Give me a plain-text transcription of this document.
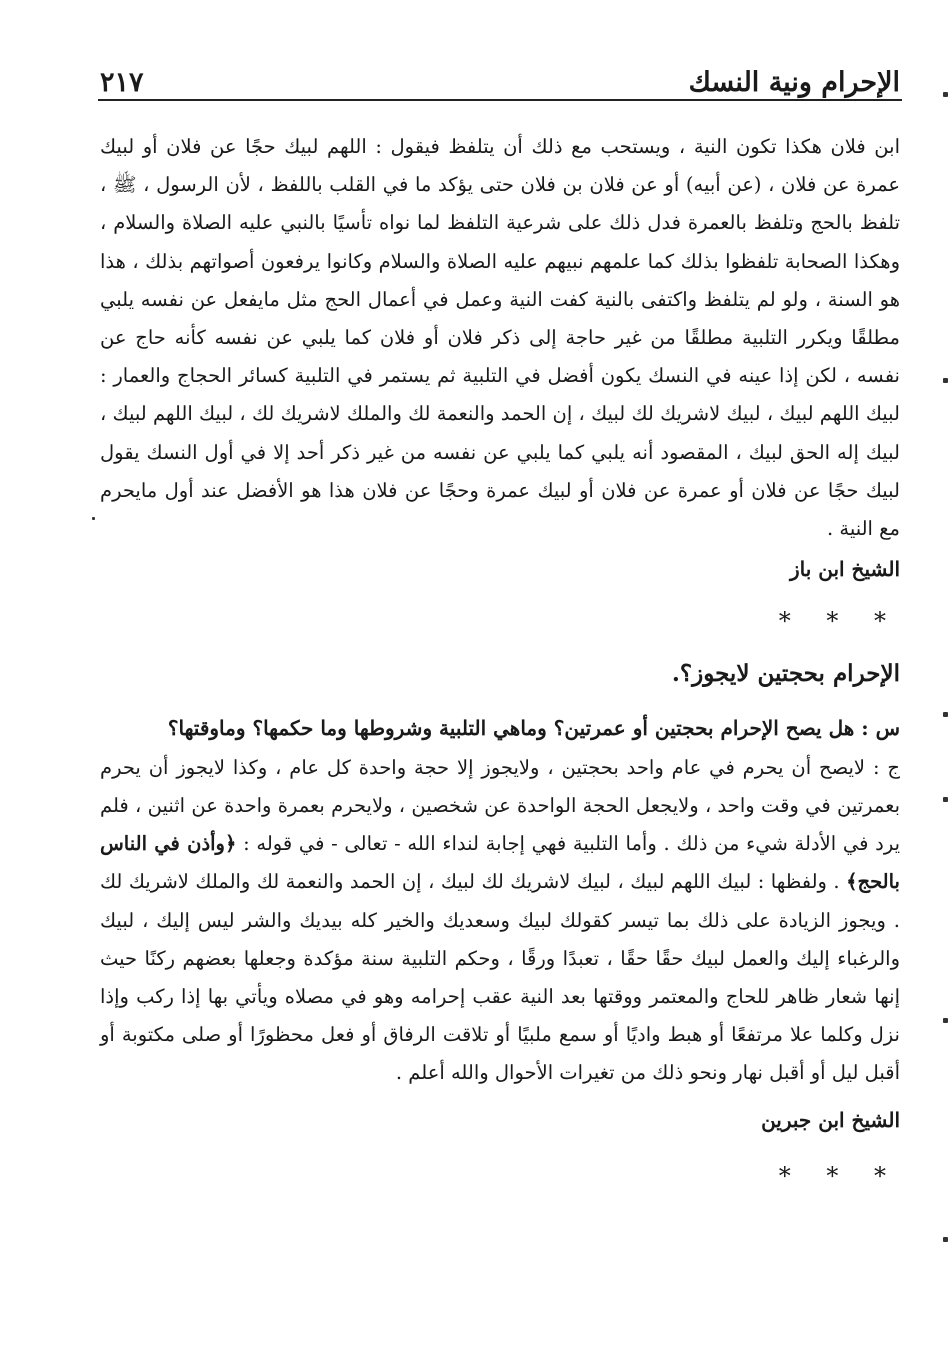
الإحرام ونية النسك
٢١٧

ابن فلان هكذا تكون النية ، ويستحب مع ذلك أن يتلفظ فيقول : اللهم لبيك حجًا عن فلان أو لبيك عمرة عن فلان ، (عن أبيه) أو عن فلان بن فلان حتى يؤكد ما في القلب باللفظ ، لأن الرسول ، ﷺ ، تلفظ بالحج وتلفظ بالعمرة فدل ذلك على شرعية التلفظ لما نواه تأسيًا بالنبي عليه الصلاة والسلام ، وهكذا الصحابة تلفظوا بذلك كما علمهم نبيهم عليه الصلاة والسلام وكانوا يرفعون أصواتهم بذلك ، هذا هو السنة ، ولو لم يتلفظ واكتفى بالنية كفت النية وعمل في أعمال الحج مثل مايفعل عن نفسه يلبي مطلقًا ويكرر التلبية مطلقًا من غير حاجة إلى ذكر فلان أو فلان كما يلبي عن نفسه كأنه حاج عن نفسه ، لكن إذا عينه في النسك يكون أفضل في التلبية ثم يستمر في التلبية كسائر الحجاج والعمار : لبيك اللهم لبيك ، لبيك لاشريك لك لبيك ، إن الحمد والنعمة لك والملك لاشريك لك ، لبيك اللهم لبيك ، لبيك إله الحق لبيك ، المقصود أنه يلبي كما يلبي عن نفسه من غير ذكر أحد إلا في أول النسك يقول لبيك حجًا عن فلان أو عمرة عن فلان أو لبيك عمرة وحجًا عن فلان هذا هو الأفضل عند أول مايحرم مع النية .

الشيخ ابن باز
* * *
الإحرام بحجتين لايجوز؟.

س : هل يصح الإحرام بحجتين أو عمرتين؟ وماهي التلبية وشروطها وما حكمها؟ وماوقتها؟

ج : لايصح أن يحرم في عام واحد بحجتين ، ولايجوز إلا حجة واحدة كل عام ، وكذا لايجوز أن يحرم بعمرتين في وقت واحد ، ولايجعل الحجة الواحدة عن شخصين ، ولايحرم بعمرة واحدة عن اثنين ، فلم يرد في الأدلة شيء من ذلك . وأما التلبية فهي إجابة لنداء الله - تعالى - في قوله : ﴿وأذن في الناس بالحج﴾ . ولفظها : لبيك اللهم لبيك ، لبيك لاشريك لك لبيك ، إن الحمد والنعمة لك والملك لاشريك لك . ويجوز الزيادة على ذلك بما تيسر كقولك لبيك وسعديك والخير كله بيديك والشر ليس إليك ، لبيك والرغباء إليك والعمل لبيك حقًا حقًا ، تعبدًا ورقًا ، وحكم التلبية سنة مؤكدة وجعلها بعضهم ركنًا حيث إنها شعار ظاهر للحاج والمعتمر ووقتها بعد النية عقب إحرامه وهو في مصلاه ويأتي بها إذا ركب وإذا نزل وكلما علا مرتفعًا أو هبط واديًا أو سمع ملبيًا أو تلاقت الرفاق أو فعل محظورًا أو صلى مكتوبة أو أقبل ليل أو أقبل نهار ونحو ذلك من تغيرات الأحوال والله أعلم .

الشيخ ابن جبرين
* * *
